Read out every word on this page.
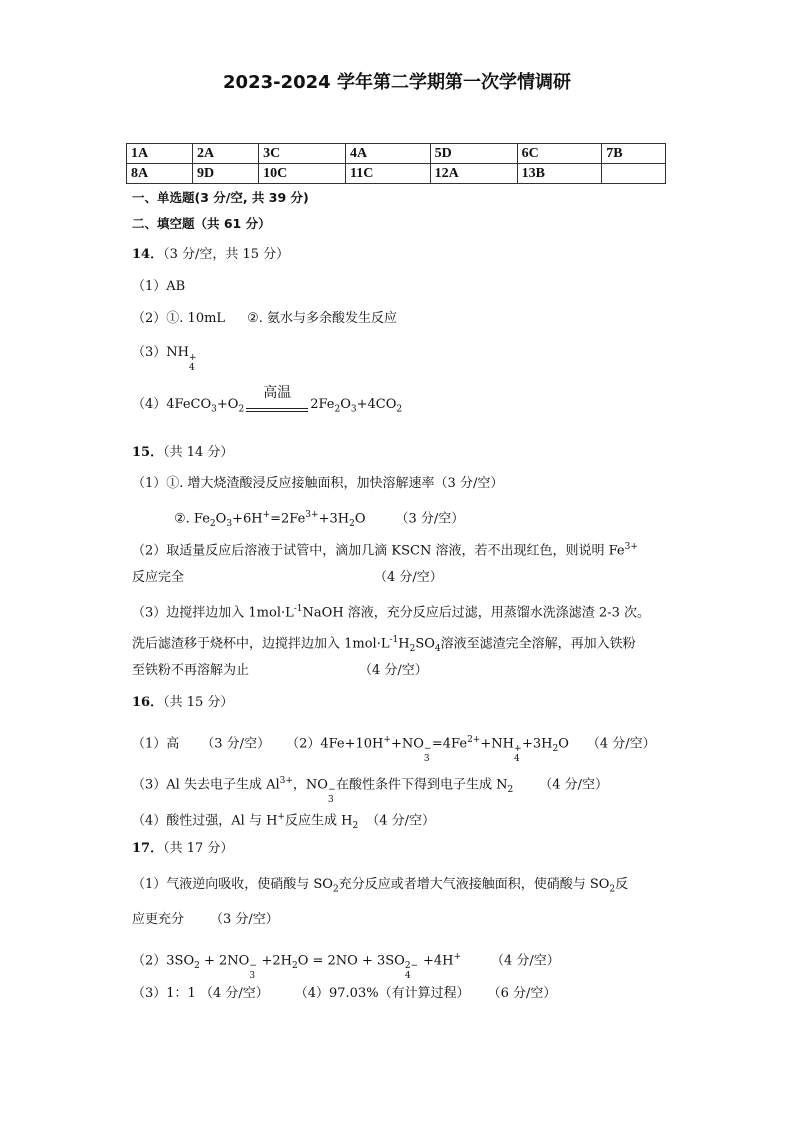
2023-2024 学年第二学期第一次学情调研
1A	2A	3C	4A	5D	6C	7B
8A	9D	10C	11C	12A	13B	
一、单选题(3 分/空, 共 39 分)
二、填空题（共 61 分）
14．（3 分/空，共 15 分）
（1）AB
（2）①. 10mL ②. 氨水与多余酸发生反应
（3）NH +
4
$(4)4FeCO_3+O_2$
高温
$2Fe_2O_3+4CO_2$
15．（共 14 分）
（1）①. 增大烧渣酸浸反应接触面积，加快溶解速率（3 分/空）
②. $Fe_2O_3+6H^+=2Fe^{3+}+3H_2O$ （3 分/空）
（2）取适量反应后溶液于试管中，滴加几滴 KSCN 溶液，若不出现红色，则说明 $Fe^{3+}$
反应完全	（4 分/空）
（3）边搅拌边加入 $1mol\cdot L^{-1}NaOH$ 溶液，充分反应后过滤，用蒸馏水洗涤滤渣 2-3 次。
洗后滤渣移于烧杯中，边搅拌边加入 $1mol\cdot L^{-1}H_2SO_4$溶液至滤渣完全溶解，再加入铁粉
至铁粉不再溶解为止	（4 分/空）
16．（共 15 分）
（1）高 （3 分/空） （2）4Fe+10H++NO −
3
$=4Fe^{2+}+NH$ +
4
$+3H_2O$ （4 分/空）
（3）Al 失去电子生成 $Al^{3+}$，NO −
3
在酸性条件下得到电子生成 $N_2$ （4 分/空）
（4）酸性过强，Al 与 H+反应生成 $H_2$ （4 分/空）
17．（共 17 分）
（1）气液逆向吸收，使硝酸与 $SO_2$充分反应或者增大气液接触面积，使硝酸与 $SO_2$反
应更充分 （3 分/空）
$(2)3SO_2 + 2NO$ −
3
$+2H_2O = 2NO + 3SO$ 2−
4
+4H+ （4 分/空）
（3）1：1 （4 分/空） （4）97.03%（有计算过程） （6 分/空）
